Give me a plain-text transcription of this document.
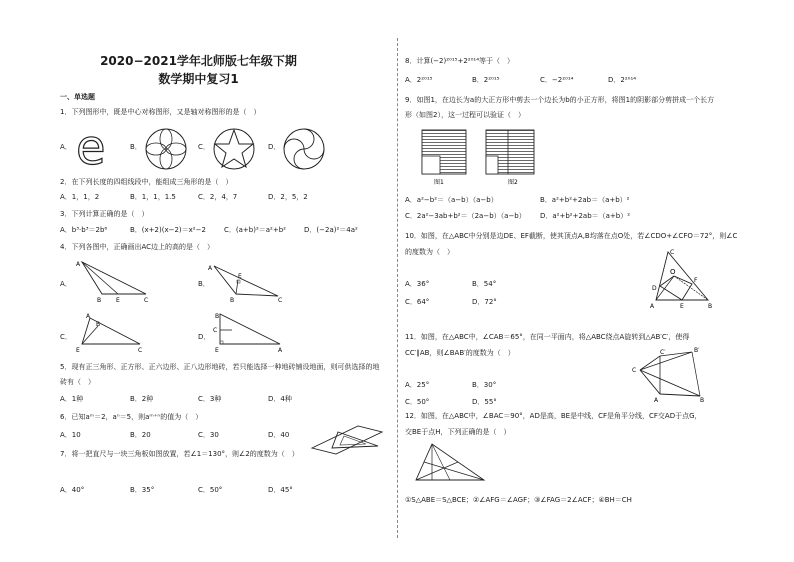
2020−2021学年北师版七年级下期
数学期中复习1
一、单选题
1．下列图形中，既是中心对称图形，又是轴对称图形的是（　）
A．	B．	C．	D．
e
2．在下列长度的四组线段中，能组成三角形的是（　）
A．1，1，2	B．1，1，1.5	C．2，4，7	D．2，5，2
3．下列计算正确的是（　）
A．b³·b³＝2b⁶	B．(x+2)(x−2)＝x²−2	C．(a+b)²＝a²+b²	D．(−2a)²＝4a²
4．下列各图中，正确画出AC边上的高的是（　）
A．	B．
C．	D．
A
B E	C
A
E
B	C
A
E
B
C
B
C
E	A
5．现有正三角形、正方形、正六边形、正八边形地砖，若只能选择一种地砖铺设地面，则可供选择的地
砖有（　）
A．1种	B．2种	C．3种	D．4种
6．已知aᵐ＝2，aⁿ＝5，则aᵐ⁺ⁿ的值为（　）
A．10	B．20	C．30	D．40
7．将一把直尺与一块三角板如图放置，若∠1＝130°，则∠2的度数为（　）
A．40°	B．35°	C．50°	D．45°
8．计算(−2)²⁰¹⁵+2²⁰¹⁴等于（　）
A．2²⁰¹⁵	B．2²⁰¹⁵	C．−2²⁰¹⁴	D．2²⁰¹⁴
9．如图1，在边长为a的大正方形中剪去一个边长为b的小正方形，将图1的阴影部分剪拼成一个长方
形（如图2），这一过程可以验证（　）
图1	图2
A．a²−b²＝（a−b）（a−b）	B．a²+b²+2ab＝（a+b）²
C．2a²−3ab+b²＝（2a−b）（a−b） D．a²+b²+2ab＝（a+b）²
10．如图，在△ABC中分别是边DE、EF截断，使其顶点A,B均落在点O处，若∠CDO+∠CFO＝72°，则∠C
的度数为（　）
A．36°	B．54°
C．64°	D．72°
C
O
D
F
A	E	B
11．如图，在△ABC中，∠CAB＝65°，在同一平面内，将△ABC绕点A旋转到△AB′C′，使得
CC′∥AB，则∠BAB′的度数为（　）
A．25°	B．30°
C．50°	D．55°
B′
C
C′
A	B
12．如图，在△ABC中，∠BAC＝90°，AD是高，BE是中线，CF是角平分线，CF交AD于点G，
交BE于点H，下列正确的是（　）
①S△ABE＝S△BCE；②∠AFG＝∠AGF；③∠FAG＝2∠ACF；④BH＝CH
